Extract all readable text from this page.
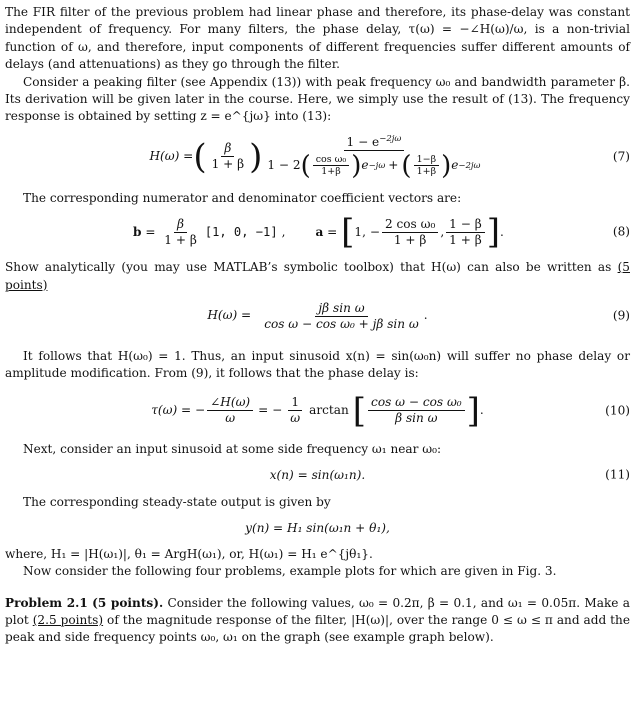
The FIR filter of the previous problem had linear phase and therefore, its phase-delay was constant independent of frequency. For many filters, the phase delay, τ(ω) = −∠H(ω)/ω, is a non-trivial function of ω, and therefore, input components of different frequencies suffer different amounts of delays (and attenuations) as they go through the filter.

Consider a peaking filter (see Appendix (13)) with peak frequency ω₀ and bandwidth parameter β. Its derivation will be given later in the course. Here, we simply use the result of (13). The frequency response is obtained by setting z = e^{jω} into (13):

H(ω) = ( $\frac{\beta}{1 + \beta}$ )	$1 - e^{-2j\omega}$
1 − 2 ( $\frac{\text{cos ω₀}}{1+\beta}$ ) e −jω + ( $\frac{1-\beta}{1+\beta}$ ) e −2jω
(7)

The corresponding numerator and denominator coefficient vectors are:

$b = \frac{\beta}{1 + \beta} [1$, 0, −1] , a = [ 1, − $\frac{\text{2 cos ω₀}}{1 + \beta}$ , $\frac{1 - \beta}{1 + \beta}$ ] .	(8)

Show analytically (you may use MATLAB’s symbolic toolbox) that H(ω) can also be written as (5 points)

$H(\omega) = \frac{\text{jβ sin ω}}{\text{cos ω − cos ω₀ + jβ sin ω}}$ .	(9)

It follows that H(ω₀) = 1. Thus, an input sinusoid x(n) = sin(ω₀n) will suffer no phase delay or amplitude modification. From (9), it follows that the phase delay is:

τ(ω) = − $\frac{\angle H(\omega)}{\omega}$ = − $\frac{1}{\omega}$ arctan [ $\frac{\text{cos ω − cos ω₀}}{\text{β sin ω}}$ ] .	(10)

Next, consider an input sinusoid at some side frequency ω₁ near ω₀:

x(n) = sin(ω₁n).	(11)

The corresponding steady-state output is given by

y(n) = H₁ sin(ω₁n + θ₁),

where, H₁ = |H(ω₁)|, θ₁ = ArgH(ω₁), or, H(ω₁) = H₁ e^{jθ₁}.

Now consider the following four problems, example plots for which are given in Fig. 3.

Problem 2.1 (5 points). Consider the following values, ω₀ = 0.2π, β = 0.1, and ω₁ = 0.05π. Make a plot (2.5 points) of the magnitude response of the filter, |H(ω)|, over the range 0 ≤ ω ≤ π and add the peak and side frequency points ω₀, ω₁ on the graph (see example graph below).
